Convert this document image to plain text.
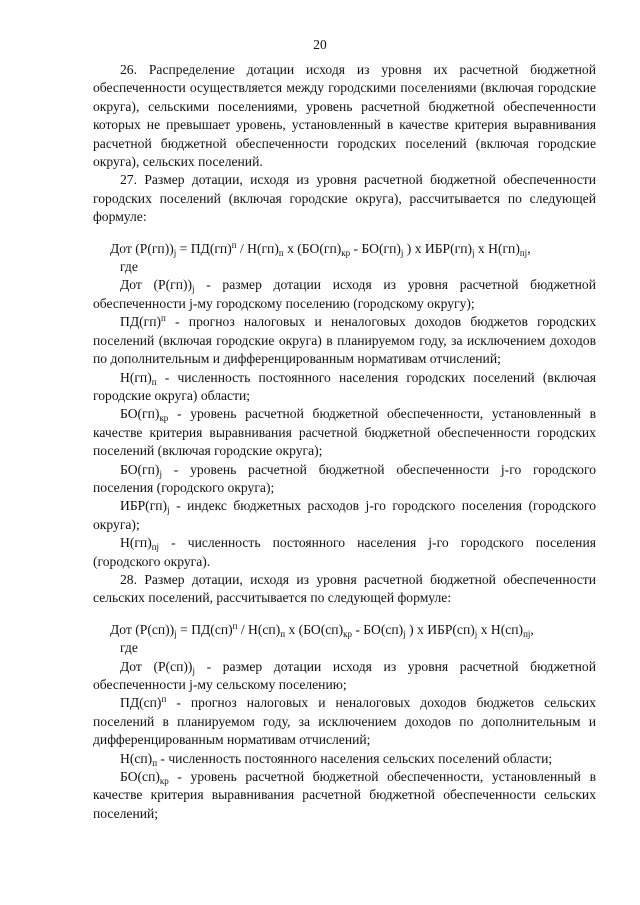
20

26. Распределение дотации исходя из уровня их расчетной бюджетной обеспеченности осуществляется между городскими поселениями (включая городские округа), сельскими поселениями, уровень расчетной бюджетной обеспеченности которых не превышает уровень, установленный в качестве критерия выравнивания расчетной бюджетной обеспеченности городских поселений (включая городские округа), сельских поселений.

27. Размер дотации, исходя из уровня расчетной бюджетной обеспеченности городских поселений (включая городские округа), рассчитывается по следующей формуле:

Дот $(Р(гп))_j = ПД(гп)^п / Н(гп)_п$ х ($БО(гп)_{кр} - БО(гп)_j$ ) х $ИБР(гп)_j$ х $Н(гп)_{пj}$,

где

Дот $(Р(гп))_j$ - размер дотации исходя из уровня расчетной бюджетной обеспеченности j-му городскому поселению (городскому округу);

ПД(гп)$^п$ - прогноз налоговых и неналоговых доходов бюджетов городских поселений (включая городские округа) в планируемом году, за исключением доходов по дополнительным и дифференцированным нормативам отчислений;

$Н(гп)_п$ - численность постоянного населения городских поселений (включая городские округа) области;

$БО(гп)_{кр}$ - уровень расчетной бюджетной обеспеченности, установленный в качестве критерия выравнивания расчетной бюджетной обеспеченности городских поселений (включая городские округа);

$БО(гп)_j$ - уровень расчетной бюджетной обеспеченности j-го городского поселения (городского округа);

$ИБР(гп)_j$ - индекс бюджетных расходов j-го городского поселения (городского округа);

$Н(гп)_{пj}$ - численность постоянного населения j-го городского поселения (городского округа).

28. Размер дотации, исходя из уровня расчетной бюджетной обеспеченности сельских поселений, рассчитывается по следующей формуле:

Дот $(Р(сп))_j = ПД(сп)^п / Н(сп)_п$ х ($БО(сп)_{кр} - БО(сп)_j$ ) х $ИБР(сп)_j$ х $Н(сп)_{пj}$,

где

Дот $(Р(сп))_j$ - размер дотации исходя из уровня расчетной бюджетной обеспеченности j-му сельскому поселению;

ПД(сп)$^п$ - прогноз налоговых и неналоговых доходов бюджетов сельских поселений в планируемом году, за исключением доходов по дополнительным и дифференцированным нормативам отчислений;

$Н(сп)_п$ - численность постоянного населения сельских поселений области;

$БО(сп)_{кр}$ - уровень расчетной бюджетной обеспеченности, установленный в качестве критерия выравнивания расчетной бюджетной обеспеченности сельских поселений;
